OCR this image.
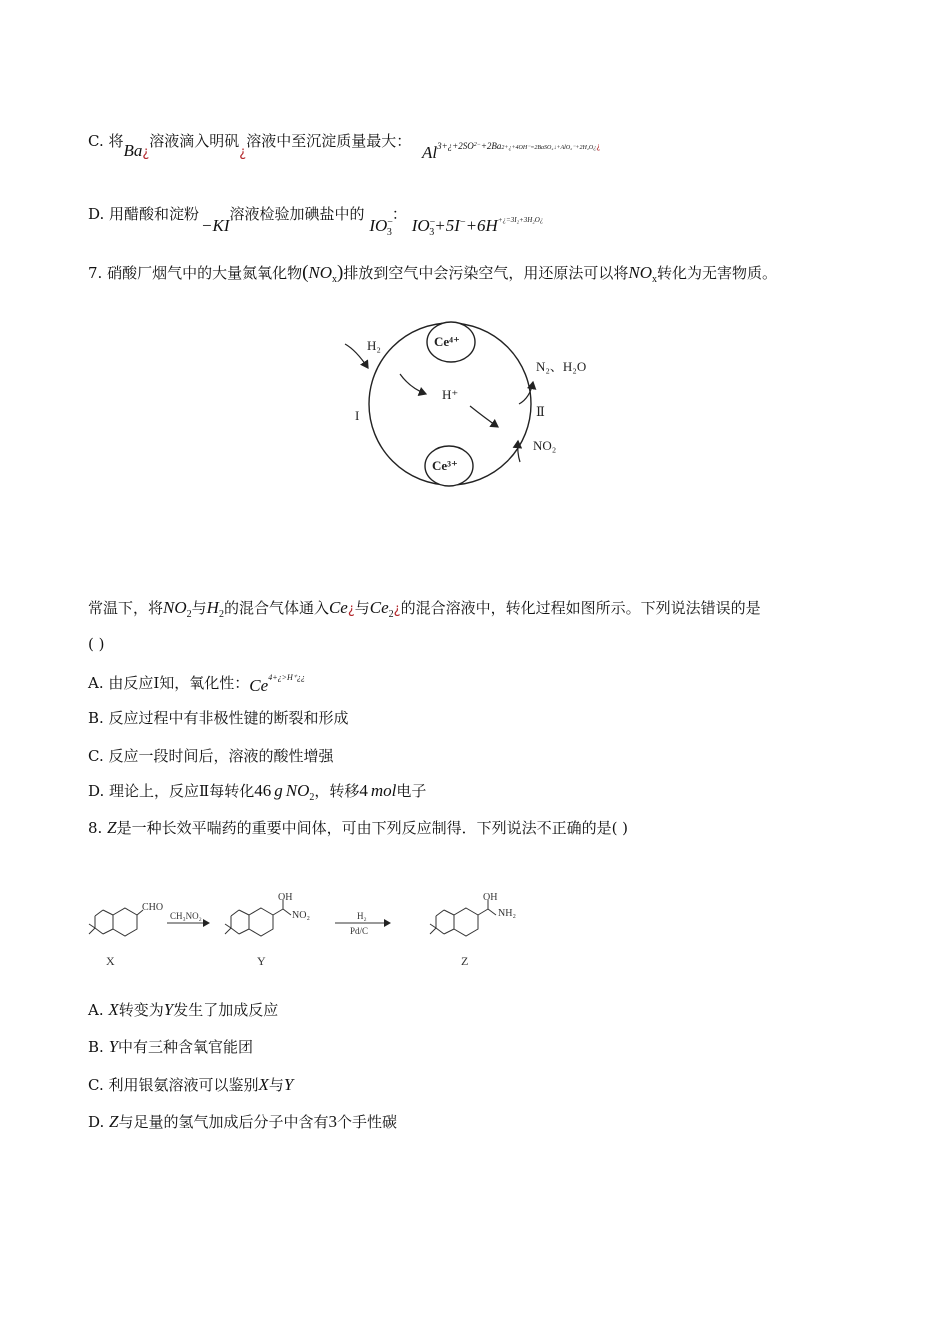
C. 将Ba¿溶液滴入明矾¿溶液中至沉淀质量最大： $Al^{3+¿+2SO2-+2Ba2+¿+4OH^-=2BaSO_4↓+AlO_2^-+2H_2O¿¿}$
D. 用醋酸和淀粉−KI溶液检验加碘盐中的 $IO^-_3$： $IO^-_3+5I^-+6H^{+¿=3I_2+3H_2O¿}$
7. 硝酸厂烟气中的大量氮氧化物$(NO_x)$排放到空气中会污染空气，用还原法可以将$NO_x$转化为无害物质。
Ce⁴⁺
Ce³⁺
H₂
H⁺
I
N₂、H₂O
Ⅱ
NO₂
常温下，将$NO_2$与$H_2$的混合气体通入Ce¿与$Ce_2¿$的混合溶液中，转化过程如图所示。下列说法错误的是
( )
A. 由反应Ⅰ知，氧化性：$Ce^{4+¿>H^+¿¿}$
B. 反应过程中有非极性键的断裂和形成
C. 反应一段时间后，溶液的酸性增强
D. 理论上，反应Ⅱ每转化46 g $NO_2$，转移4 mol电子
8. Z是一种长效平喘药的重要中间体，可由下列反应制得．下列说法不正确的是( )
CHO
X
CH₃NO₂
OH
NO₂
Y
H₂
Pd/C
OH
NH₂
Z
A. X转变为Y发生了加成反应
B. Y中有三种含氧官能团
C. 利用银氨溶液可以鉴别X与Y
D. Z与足量的氢气加成后分子中含有3个手性碳
